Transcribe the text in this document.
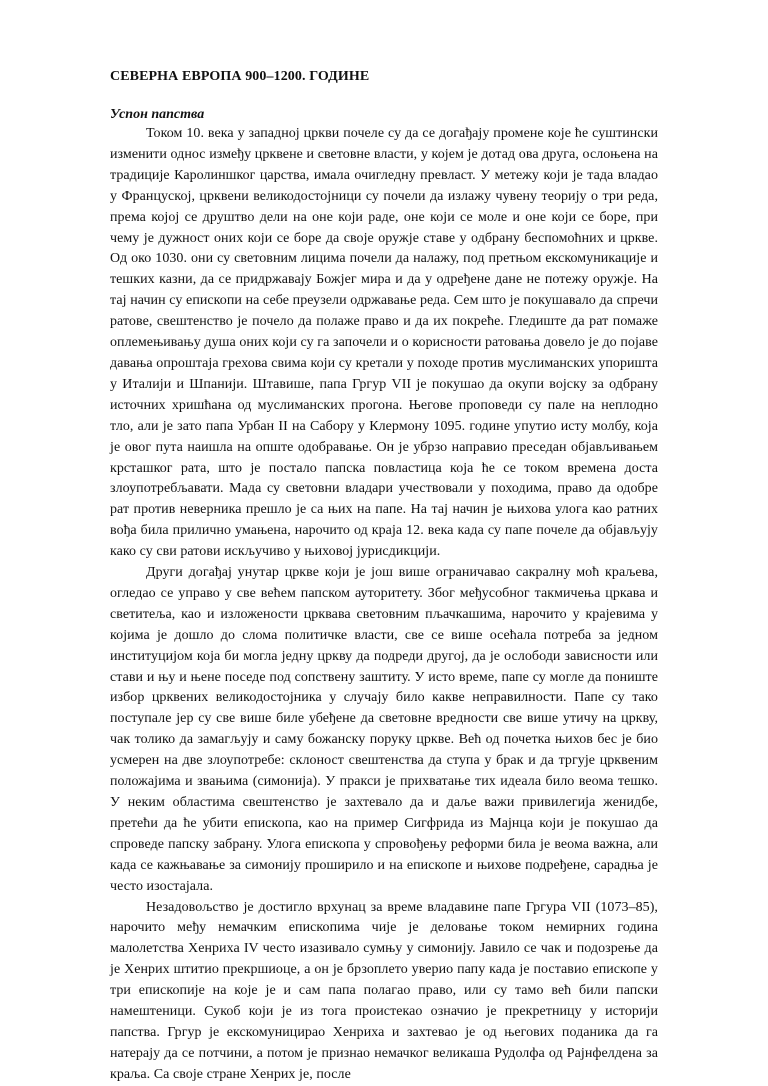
СЕВЕРНА ЕВРОПА 900–1200. ГОДИНЕ
Успон папства

Током 10. века у западној цркви почеле су да се догађају промене које ће суштински изменити однос између црквене и световне власти, у којем је дотад ова друга, ослоњена на традиције Каролиншког царства, имала очигледну превласт. У метежу који је тада владао у Француској, црквени великодостојници су почели да излажу чувену теорију о три реда, према којој се друштво дели на оне који раде, оне који се моле и оне који се боре, при чему је дужност оних који се боре да своје оружје ставе у одбрану беспомоћних и цркве. Од око 1030. они су световним лицима почели да налажу, под претњом екскомуникације и тешких казни, да се придржавају Божјег мира и да у одређене дане не потежу оружје. На тај начин су епископи на себе преузели одржавање реда. Сем што је покушавало да спречи ратове, свештенство је почело да полаже право и да их покреће. Гледиште да рат помаже оплемењивању душа оних који су га започели и о корисности ратовања довело је до појаве давања опроштаја грехова свима који су кретали у походе против муслиманских упоришта у Италији и Шпанији. Штавише, папа Гргур VII је покушао да окупи војску за одбрану источних хришћана од муслиманских прогона. Његове проповеди су пале на неплодно тло, али је зато папа Урбан II на Сабору у Клермону 1095. године упутио исту молбу, која је овог пута наишла на опште одобравање. Он је убрзо направио преседан објављивањем крсташког рата, што је постало папска повластица која ће се током времена доста злоупотребљавати. Мада су световни владари учествовали у походима, право да одобре рат против неверника прешло је са њих на папе. На тај начин је њихова улога као ратних вођа била прилично умањена, нарочито од краја 12. века када су папе почеле да објављују како су сви ратови искључиво у њиховој јурисдикцији.

Други догађај унутар цркве који је још више ограничавао сакралну моћ краљева, огледао се управо у све већем папском ауторитету. Због међусобног такмичења цркава и светитеља, као и изложености црквава световним пљачкашима, нарочито у крајевима у којима је дошло до слома политичке власти, све се више осећала потреба за једном институцијом која би могла једну цркву да подреди другој, да је ослободи зависности или стави и њу и њене поседе под сопствену заштиту. У исто време, папе су могле да пониште избор црквених великодостојника у случају било какве неправилности. Папе су тако поступале јер су све више биле убеђене да световне вредности све више утичу на цркву, чак толико да замагљују и саму божанску поруку цркве. Већ од почетка њихов бес је био усмерен на две злоупотребе: склоност свештенства да ступа у брак и да тргује црквеним положајима и звањима (симонија). У пракси је прихватање тих идеала било веома тешко. У неким областима свештенство је захтевало да и даље важи привилегија женидбе, претећи да ће убити епископа, као на пример Сигфрида из Мајнца који је покушао да спроведе папску забрану. Улога епископа у спровођењу реформи била је веома важна, али када се кажњавање за симонију проширило и на епископе и њихове подређене, сарадња је често изостајала.

Незадовољство је достигло врхунац за време владавине папе Гргура VII (1073–85), нарочито међу немачким епископима чије је деловање током немирних година малолетства Хенриха IV често изазивало сумњу у симонију. Јавило се чак и подозрење да је Хенрих штитио прекршиоце, а он је брзоплето уверио папу када је поставио епископе у три епископије на које је и сам папа полагао право, или су тамо већ били папски намештеници. Сукоб који је из тога проистекао означио је прекретницу у историји папства. Гргур је екскомуницирао Хенриха и захтевао је од његових поданика да га натерају да се потчини, а потом је признао немачког великаша Рудолфа од Рајнфелдена за краља. Са своје стране Хенрих је, после
